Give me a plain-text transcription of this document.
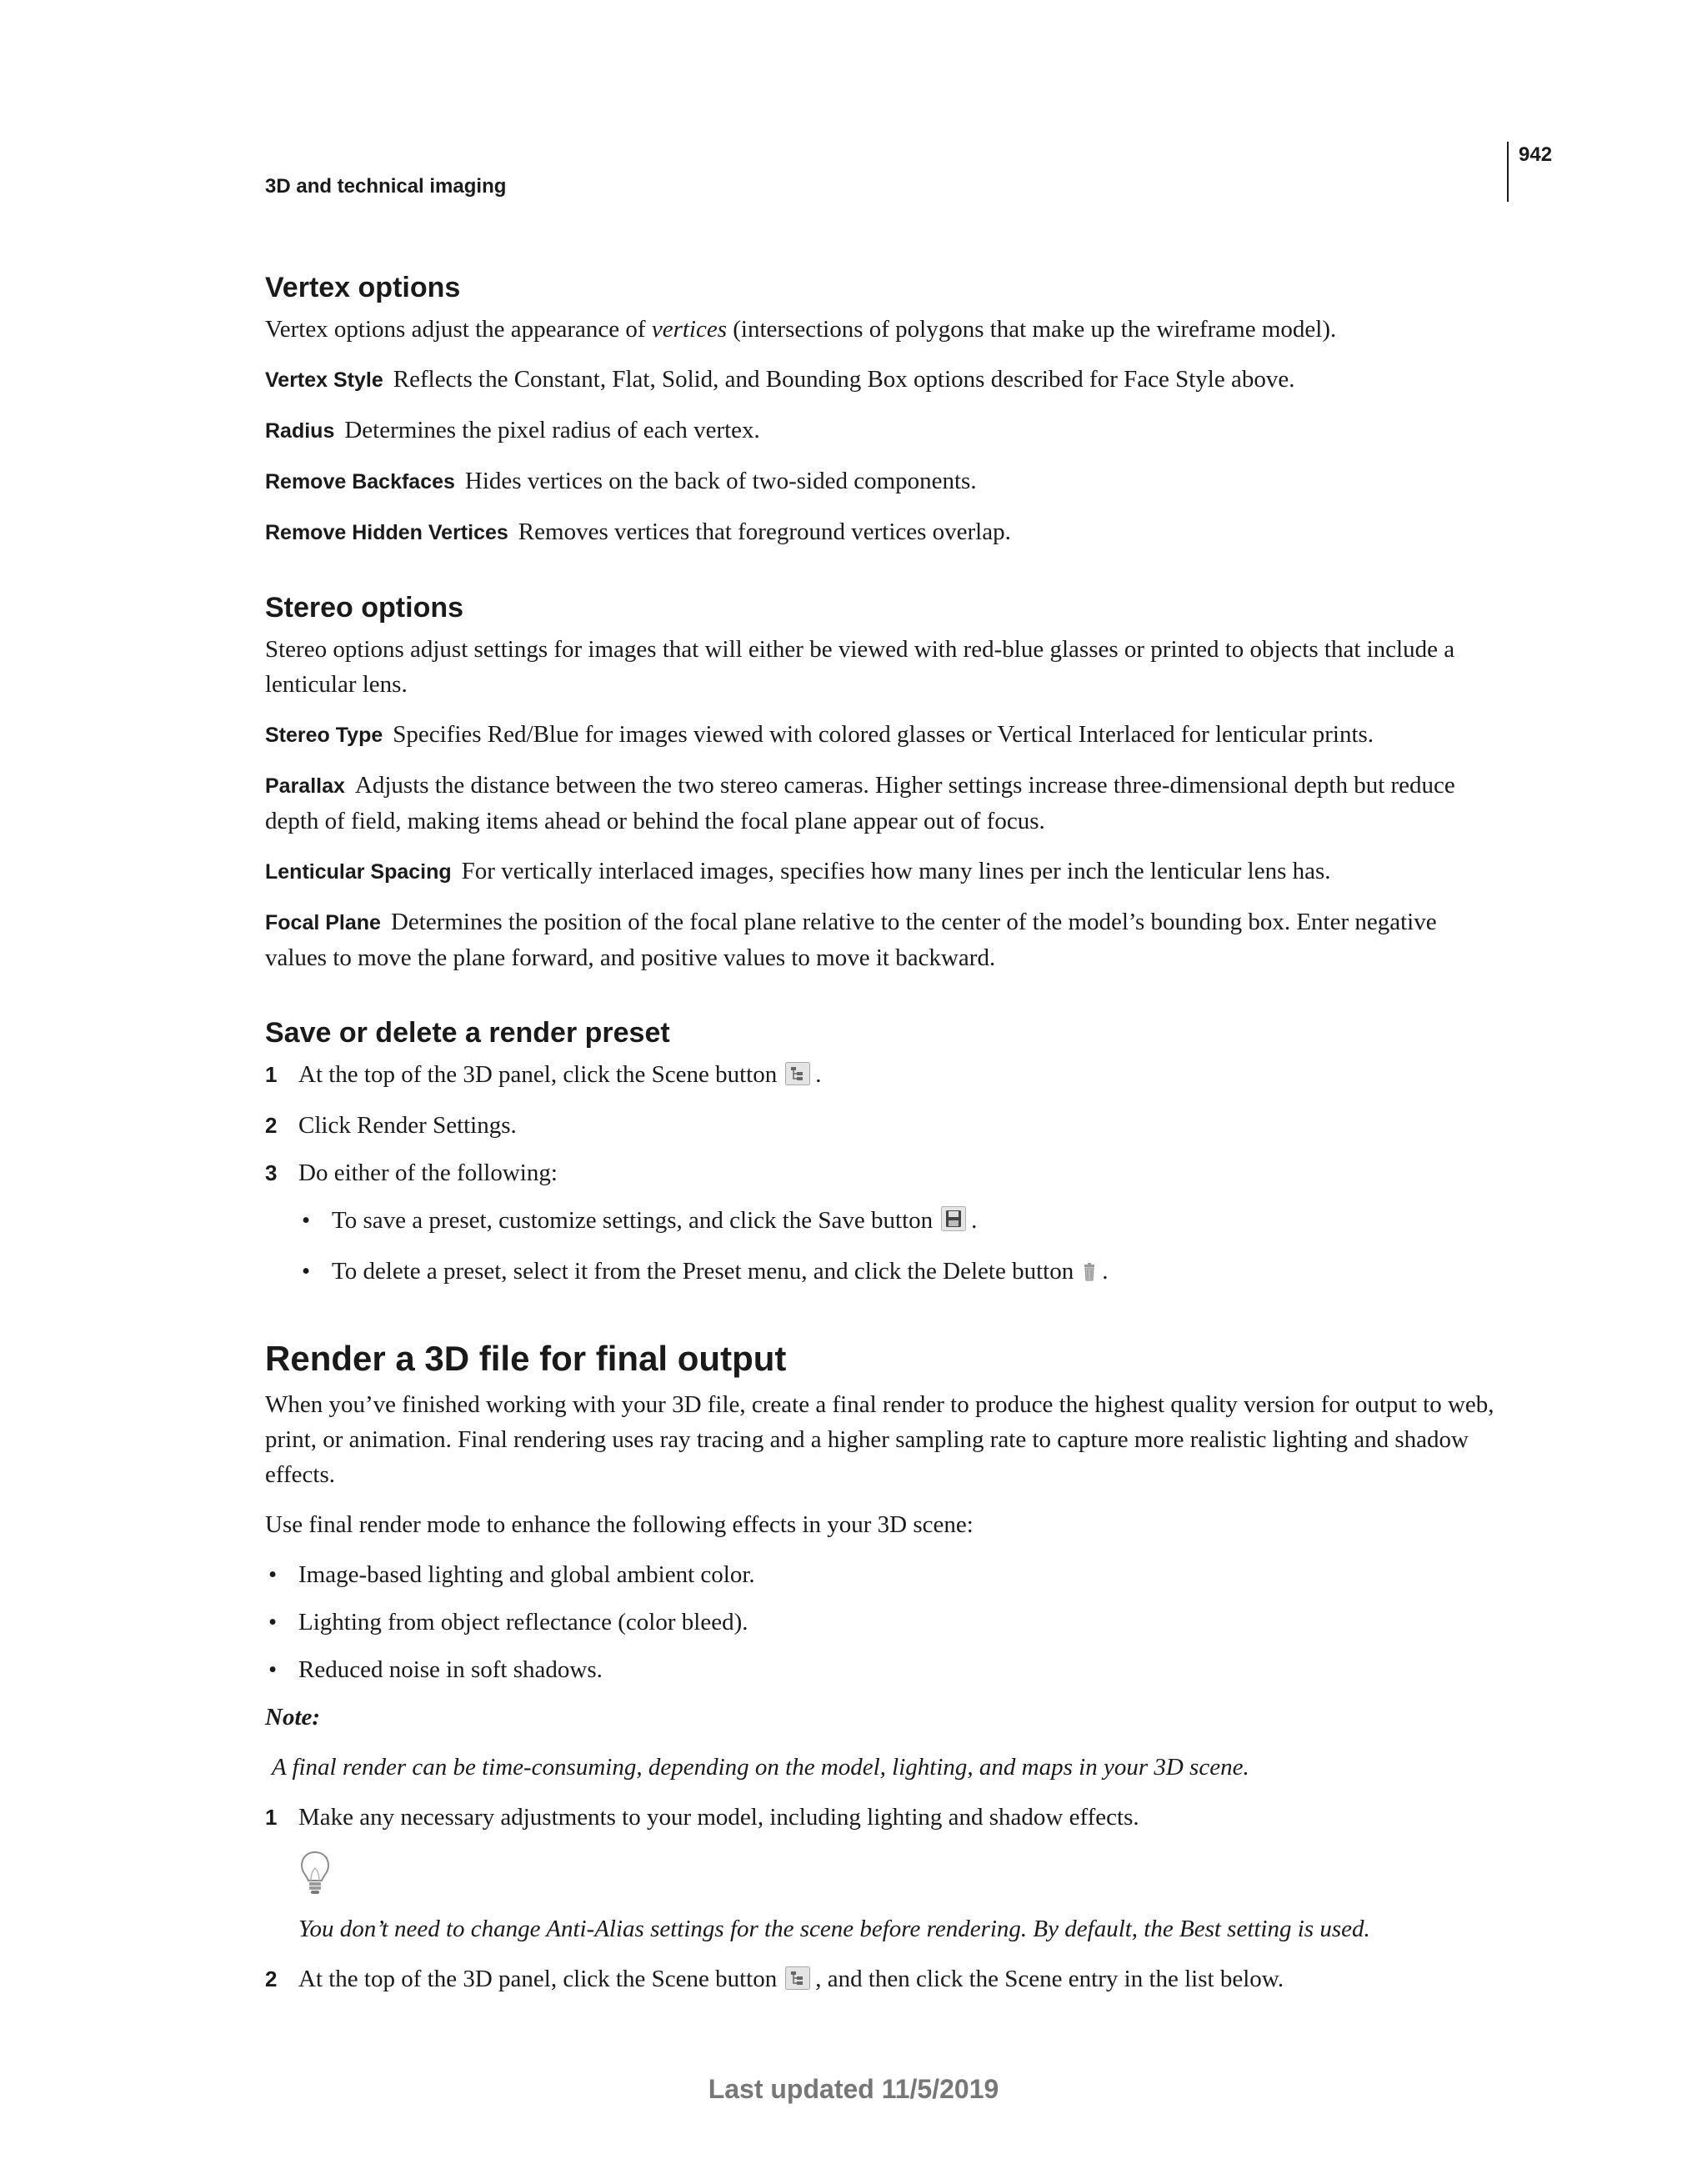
942
3D and technical imaging
Vertex options

Vertex options adjust the appearance of vertices (intersections of polygons that make up the wireframe model).

Vertex Style Reflects the Constant, Flat, Solid, and Bounding Box options described for Face Style above.

Radius Determines the pixel radius of each vertex.

Remove Backfaces Hides vertices on the back of two-sided components.

Remove Hidden Vertices Removes vertices that foreground vertices overlap.

Stereo options

Stereo options adjust settings for images that will either be viewed with red-blue glasses or printed to objects that include a lenticular lens.

Stereo Type Specifies Red/Blue for images viewed with colored glasses or Vertical Interlaced for lenticular prints.

Parallax Adjusts the distance between the two stereo cameras. Higher settings increase three-dimensional depth but reduce depth of field, making items ahead or behind the focal plane appear out of focus.

Lenticular Spacing For vertically interlaced images, specifies how many lines per inch the lenticular lens has.

Focal Plane Determines the position of the focal plane relative to the center of the model’s bounding box. Enter negative values to move the plane forward, and positive values to move it backward.

Save or delete a render preset
1 At the top of the 3D panel, click the Scene button .
2 Click Render Settings.
3 Do either of the following:
• To save a preset, customize settings, and click the Save button .
• To delete a preset, select it from the Preset menu, and click the Delete button .
Render a 3D file for final output

When you’ve finished working with your 3D file, create a final render to produce the highest quality version for output to web, print, or animation. Final rendering uses ray tracing and a higher sampling rate to capture more realistic lighting and shadow effects.

Use final render mode to enhance the following effects in your 3D scene:

• Image-based lighting and global ambient color.
• Lighting from object reflectance (color bleed).
• Reduced noise in soft shadows.

Note:

A final render can be time-consuming, depending on the model, lighting, and maps in your 3D scene.

1 Make any necessary adjustments to your model, including lighting and shadow effects.

You don’t need to change Anti-Alias settings for the scene before rendering. By default, the Best setting is used.

2 At the top of the 3D panel, click the Scene button , and then click the Scene entry in the list below.
Last updated 11/5/2019
